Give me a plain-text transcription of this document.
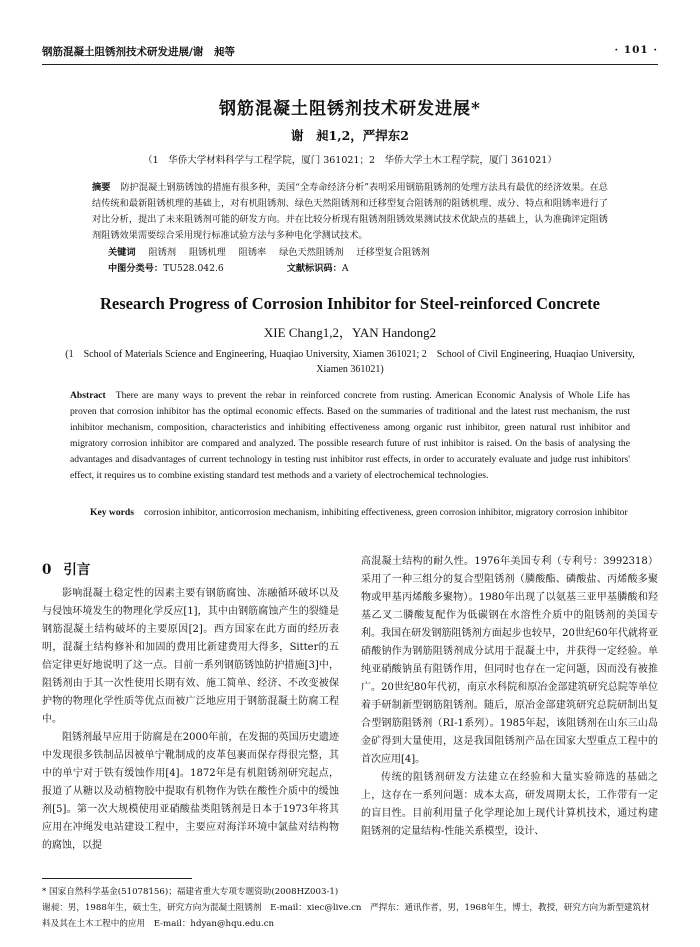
钢筋混凝土阻锈剂技术研发进展/谢　昶等	· 101 ·
钢筋混凝土阻锈剂技术研发进展*
谢　昶1,2，严捍东2
（1　华侨大学材料科学与工程学院，厦门 361021；2　华侨大学土木工程学院，厦门 361021）
摘要 防护混凝土钢筋锈蚀的措施有很多种，美国“全寿命经济分析”表明采用钢筋阻锈剂的处理方法具有最优的经济效果。在总结传统和最新阻锈机理的基础上，对有机阻锈剂、绿色天然阻锈剂和迁移型复合阻锈剂的阻锈机理、成分、特点和阻锈率进行了对比分析，提出了未来阻锈剂可能的研发方向。并在比较分析现有阻锈剂阻锈效果测试技术优缺点的基础上，认为准确评定阻锈剂阻锈效果需要综合采用现行标准试验方法与多种电化学测试技术。
关键词 阻锈剂 阻锈机理 阻锈率 绿色天然阻锈剂 迁移型复合阻锈剂
中图分类号：TU528.042.6	文献标识码：A
Research Progress of Corrosion Inhibitor for Steel-reinforced Concrete
XIE Chang1,2，YAN Handong2
(1　School of Materials Science and Engineering, Huaqiao University, Xiamen 361021; 2　School of Civil Engineering, Huaqiao University, Xiamen 361021)
Abstract There are many ways to prevent the rebar in reinforced concrete from rusting. American Economic Analysis of Whole Life has proven that corrosion inhibitor has the optimal economic effects. Based on the summaries of traditional and the latest rust mechanism, the rust inhibitor mechanism, composition, characteristics and inhibiting effectiveness among organic rust inhibitor, green natural rust inhibitor and migratory corrosion inhibitor are compared and analyzed. The possible research future of rust inhibitor is raised. On the basis of analysing the advantages and disadvantages of current technology in testing rust inhibitor rust effects, in order to accurately evaluate and judge rust inhibitors' effect, it requires us to combine existing standard test methods and a variety of electrochemical technologies.
Key words corrosion inhibitor, anticorrosion mechanism, inhibiting effectiveness, green corrosion inhibitor, migratory corrosion inhibitor
0 引言

影响混凝土稳定性的因素主要有钢筋腐蚀、冻融循环破坏以及与侵蚀环境发生的物理化学反应[1]，其中由钢筋腐蚀产生的裂缝是钢筋混凝土结构破坏的主要原因[2]。西方国家在此方面的经历表明，混凝土结构修补和加固的费用比新建费用大得多，Sitter的五倍定律更好地说明了这一点。目前一系列钢筋锈蚀防护措施[3]中，阻锈剂由于其一次性使用长期有效、施工简单、经济、不改变被保护物的物理化学性质等优点而被广泛地应用于钢筋混凝土防腐工程中。

阻锈剂最早应用于防腐是在2000年前，在发掘的英国历史遗迹中发现很多铁制品因被单宁靴制成的皮革包裹而保存得很完整，其中的单宁对于铁有缓蚀作用[4]。1872年是有机阻锈剂研究起点，报道了从糖以及动植物胶中提取有机物作为铁在酸性介质中的缓蚀剂[5]。第一次大规模使用亚硝酸盐类阻锈剂是日本于1973年将其应用在冲绳发电站建设工程中，主要应对海洋环境中氯盐对结构物的腐蚀，以提

高混凝土结构的耐久性。1976年美国专利（专利号：3992318）采用了一种三组分的复合型阻锈剂（膦酸酯、磷酸盐、丙烯酸多聚物或甲基丙烯酸多聚物）。1980年出现了以氨基三亚甲基膦酸和羟基乙叉二膦酸复配作为低碳钢在水溶性介质中的阻锈剂的美国专利。我国在研发钢筋阻锈剂方面起步也较早，20世纪60年代就将亚硝酸钠作为钢筋阻锈剂成分试用于混凝土中，并获得一定经验。单纯亚硝酸钠虽有阻锈作用，但同时也存在一定问题，因而没有被推广。20世纪80年代初，南京水科院和原冶金部建筑研究总院等单位着手研制新型钢筋阻锈剂。随后，原冶金部建筑研究总院研制出复合型钢筋阻锈剂（RI-1系列）。1985年起，该阻锈剂在山东三山岛金矿得到大量使用，这是我国阻锈剂产品在国家大型重点工程中的首次应用[4]。

传统的阻锈剂研发方法建立在经验和大量实验筛选的基础之上，这存在一系列问题：成本太高，研发周期太长，工作带有一定的盲目性。目前利用量子化学理论加上现代计算机技术，通过构建阻锈剂的定量结构-性能关系模型，设计、

* 国家自然科学基金(51078156)；福建省重大专项专题资助(2008HZ003-1)
谢昶：男，1988年生，硕士生，研究方向为混凝土阻锈剂　E-mail：xiec@live.cn　严捍东：通讯作者，男，1968年生，博士，教授，研究方向为新型建筑材料及其在土木工程中的应用　E-mail：hdyan@hqu.edu.cn
